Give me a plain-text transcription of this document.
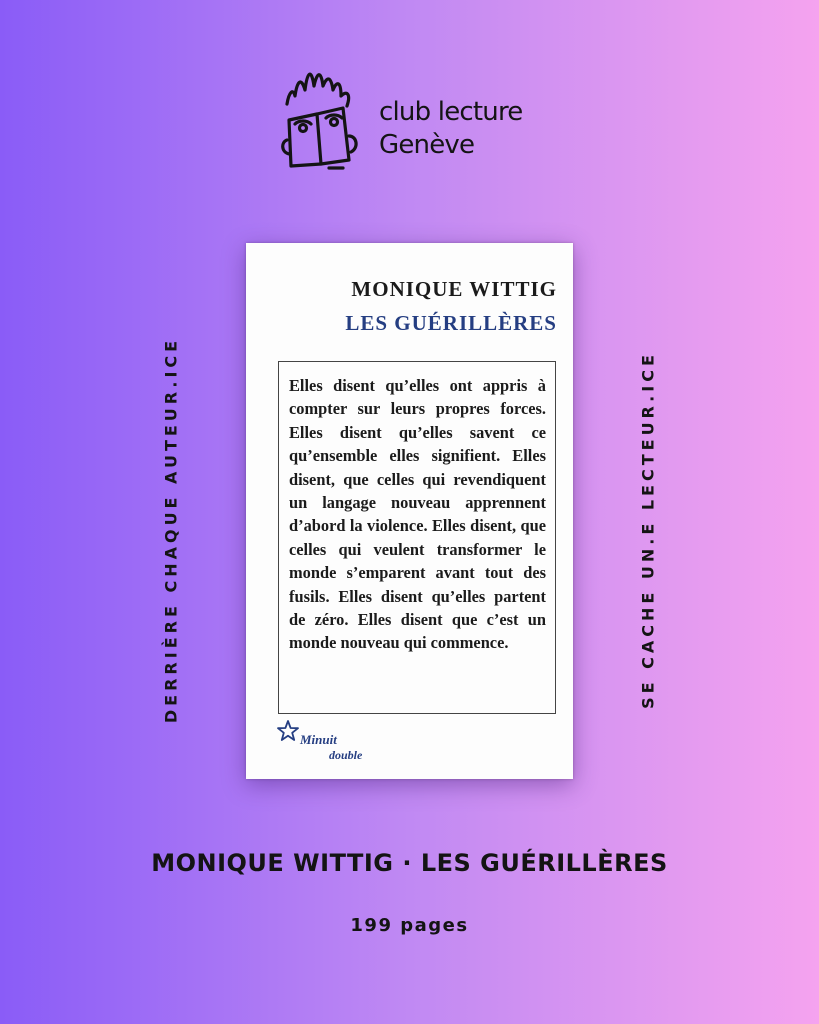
club lecture
Genève
DERRIÈRE CHAQUE AUTEUR.ICE	SE CACHE UN.E LECTEUR.ICE
MONIQUE WITTIG
LES GUÉRILLÈRES
Elles disent qu’elles ont appris à compter sur leurs propres forces. Elles disent qu’elles savent ce qu’ensemble elles signifient. Elles disent, que celles qui revendiquent un langage nouveau apprennent d’abord la violence. Elles disent, que celles qui veulent transformer le monde s’emparent avant tout des fusils. Elles disent qu’elles partent de zéro. Elles disent que c’est un monde nouveau qui commence.
Minuit
double
MONIQUE WITTIG · LES GUÉRILLÈRES
199 pages
